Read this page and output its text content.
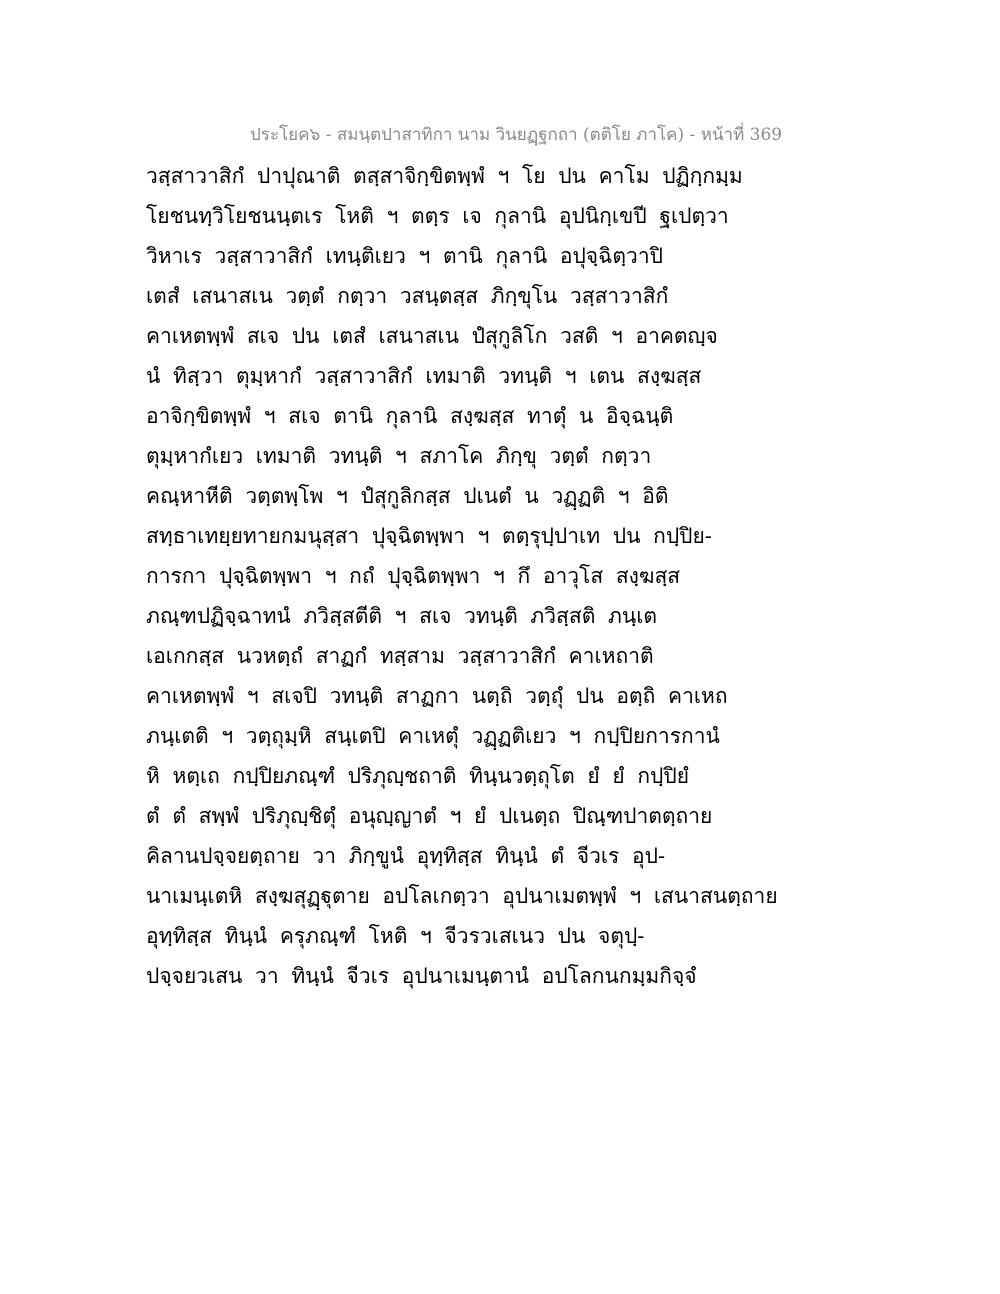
ประโยค๖ - สมนฺตปาสาทิกา นาม วินยฏฺฐกถา (ตติโย ภาโค) - หน้าที่ 369
วสฺสาวาสิกํ ปาปุณาติ ตสฺสาจิกฺขิตพฺพํ ฯ โย ปน คาโม ปฏิกฺกมฺม
โยชนทฺวิโยชนนฺตเร โหติ ฯ ตตฺร เจ กุลานิ อุปนิกฺเขปี ฐเปตฺวา
วิหาเร วสฺสาวาสิกํ เทนฺติเยว ฯ ตานิ กุลานิ อปุจฺฉิตฺวาปิ
เตสํ เสนาสเน วตฺตํ กตฺวา วสนฺตสฺส ภิกฺขุโน วสฺสาวาสิกํ
คาเหตพฺพํ สเจ ปน เตสํ เสนาสเน ปํสุกูลิโก วสติ ฯ อาคตญฺจ
นํ ทิสฺวา ตุมฺหากํ วสฺสาวาสิกํ เทมาติ วทนฺติ ฯ เตน สงฺฆสฺส
อาจิกฺขิตพฺพํ ฯ สเจ ตานิ กุลานิ สงฺฆสฺส ทาตุํ น อิจฺฉนฺติ
ตุมฺหากํเยว เทมาติ วทนฺติ ฯ สภาโค ภิกฺขุ วตฺตํ กตฺวา
คณฺหาหีติ วตฺตพฺโพ ฯ ปํสุกูลิกสฺส ปเนตํ น วฏฺฏติ ฯ อิติ
สทฺธาเทยฺยทายกมนุสฺสา ปุจฺฉิตพฺพา ฯ ตตฺรุปฺปาเท ปน กปฺปิย-
การกา ปุจฺฉิตพฺพา ฯ กถํ ปุจฺฉิตพฺพา ฯ กึ อาวุโส สงฺฆสฺส
ภณฺฑปฏิจฺฉาทนํ ภวิสฺสตีติ ฯ สเจ วทนฺติ ภวิสฺสติ ภนฺเต
เอเกกสฺส นวหตฺถํ สาฏกํ ทสฺสาม วสฺสาวาสิกํ คาเหถาติ
คาเหตพฺพํ ฯ สเจปิ วทนฺติ สาฏกา นตฺถิ วตฺถุํ ปน อตฺถิ คาเหถ
ภนฺเตติ ฯ วตฺถุมฺหิ สนฺเตปิ คาเหตุํ วฏฺฏติเยว ฯ กปฺปิยการกานํ
หิ หตฺเถ กปฺปิยภณฺฑํ ปริภุญฺชถาติ ทินฺนวตฺถุโต ยํ ยํ กปฺปิยํ
ตํ ตํ สพฺพํ ปริภุญฺชิตุํ อนุญฺญาตํ ฯ ยํ ปเนตฺถ ปิณฺฑปาตตฺถาย
คิลานปจฺจยตฺถาย วา ภิกฺขูนํ อุทฺทิสฺส ทินฺนํ ตํ จีวเร อุป-
นาเมนฺเตหิ สงฺฆสุฏฺฐุตาย อปโลเกตฺวา อุปนาเมตพฺพํ ฯ เสนาสนตฺถาย
อุทฺทิสฺส ทินฺนํ ครุภณฺฑํ โหติ ฯ จีวรวเสเนว ปน จตุปฺ-
ปจฺจยวเสน วา ทินฺนํ จีวเร อุปนาเมนฺตานํ อปโลกนกมฺมกิจฺจํ
